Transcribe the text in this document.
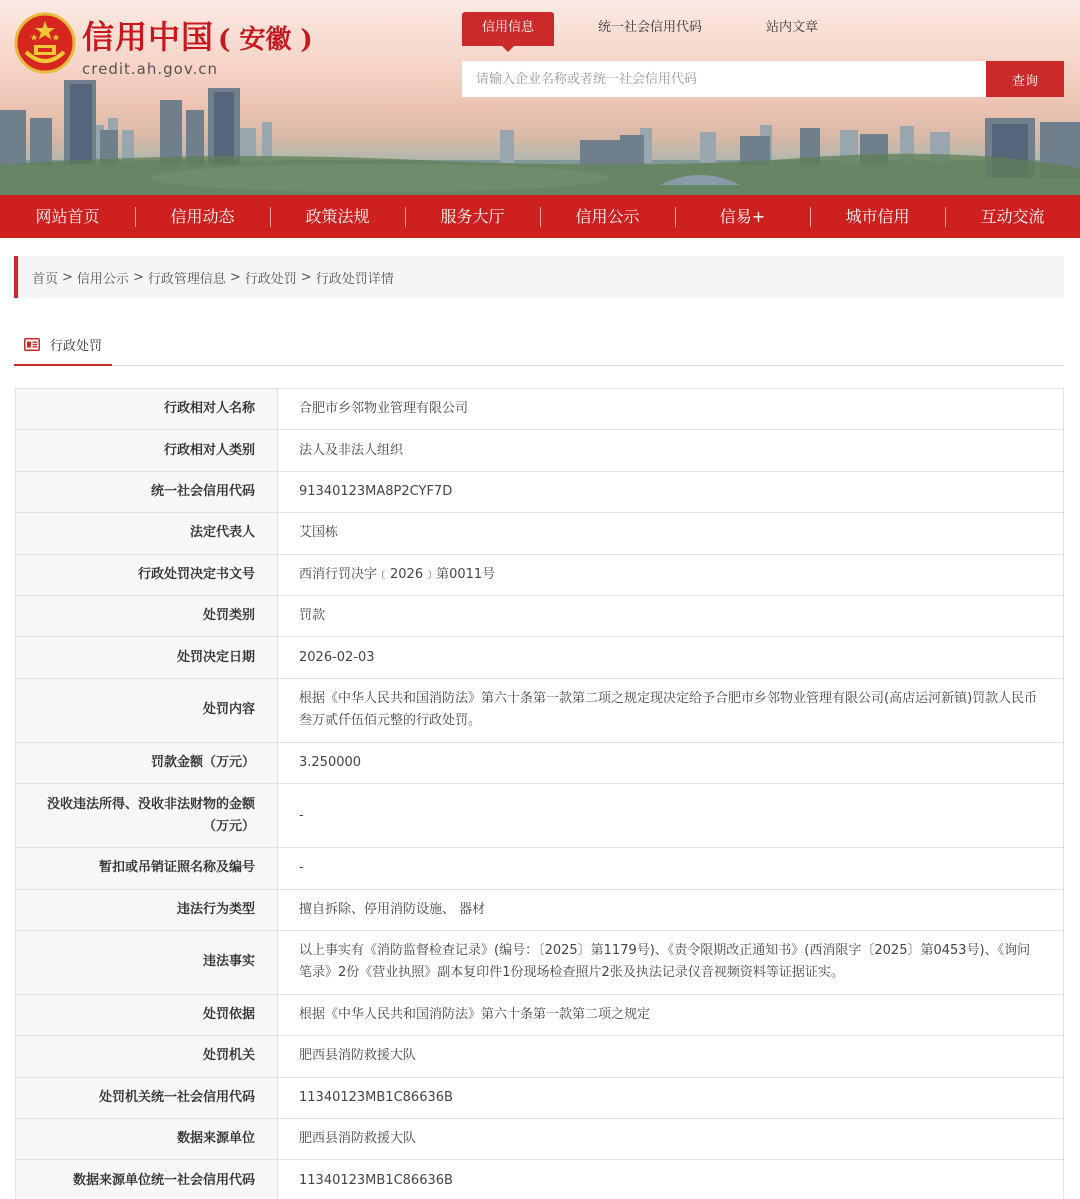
信用中国 ( 安徽 )
credit.ah.gov.cn
信用信息	统一社会信用代码	站内文章
请输入企业名称或者统一社会信用代码
查询
网站首页	信用动态	政策法规	服务大厅	信用公示	信易+	城市信用	互动交流
首页 > 信用公示 > 行政管理信息 > 行政处罚 > 行政处罚详情
行政处罚
行政相对人名称	合肥市乡邻物业管理有限公司
行政相对人类别	法人及非法人组织
统一社会信用代码	91340123MA8P2CYF7D
法定代表人	艾国栋
行政处罚决定书文号	西消行罚决字﹝2026﹞第0011号
处罚类别	罚款
处罚决定日期	2026-02-03
处罚内容	根据《中华人民共和国消防法》第六十条第一款第二项之规定现决定给予合肥市乡邻物业管理有限公司(高店运河新镇)罚款人民币叁万贰仟伍佰元整的行政处罚。
罚款金额（万元）	3.250000
没收违法所得、没收非法财物的金额（万元）	-
暂扣或吊销证照名称及编号	-
违法行为类型	擅自拆除、停用消防设施、 器材
违法事实	以上事实有《消防监督检查记录》(编号：〔2025〕第1179号)、《责令限期改正通知书》(西消限字〔2025〕第0453号)、《询问笔录》2份《营业执照》副本复印件1份现场检查照片2张及执法记录仪音视频资料等证据证实。
处罚依据	根据《中华人民共和国消防法》第六十条第一款第二项之规定
处罚机关	肥西县消防救援大队
处罚机关统一社会信用代码	11340123MB1C86636B
数据来源单位	肥西县消防救援大队
数据来源单位统一社会信用代码	11340123MB1C86636B
